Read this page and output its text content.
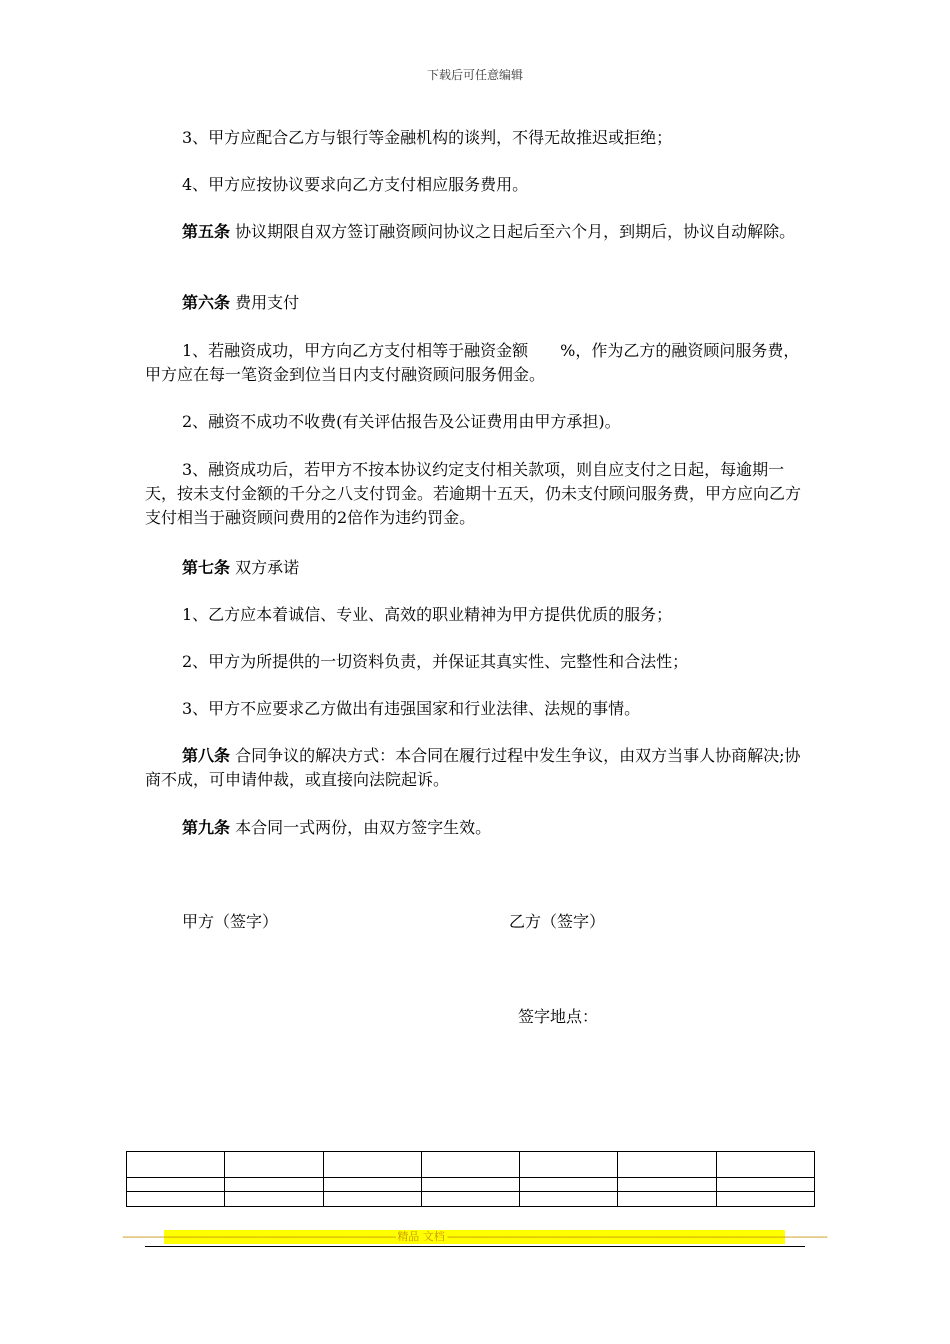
下载后可任意编辑

3、甲方应配合乙方与银行等金融机构的谈判，不得无故推迟或拒绝；

4、甲方应按协议要求向乙方支付相应服务费用。

第五条 协议期限自双方签订融资顾问协议之日起后至六个月，到期后，协议自动解除。

第六条 费用支付

1、若融资成功，甲方向乙方支付相等于融资金额　　%，作为乙方的融资顾问服务费，甲方应在每一笔资金到位当日内支付融资顾问服务佣金。

2、融资不成功不收费(有关评估报告及公证费用由甲方承担)。

3、融资成功后，若甲方不按本协议约定支付相关款项，则自应支付之日起，每逾期一天，按未支付金额的千分之八支付罚金。若逾期十五天，仍未支付顾问服务费，甲方应向乙方支付相当于融资顾问费用的2倍作为违约罚金。

第七条 双方承诺

1、乙方应本着诚信、专业、高效的职业精神为甲方提供优质的服务；

2、甲方为所提供的一切资料负责，并保证其真实性、完整性和合法性；

3、甲方不应要求乙方做出有违强国家和行业法律、法规的事情。

第八条 合同争议的解决方式：本合同在履行过程中发生争议，由双方当事人协商解决;协商不成，可申请仲裁，或直接向法院起诉。

第九条 本合同一式两份，由双方签字生效。

甲方（签字）	乙方（签字）
签字地点：

-------------------------------------------------------------------------------------------- 精品 文档 --------------------------------------------------------------------------------------------------------------------------------
